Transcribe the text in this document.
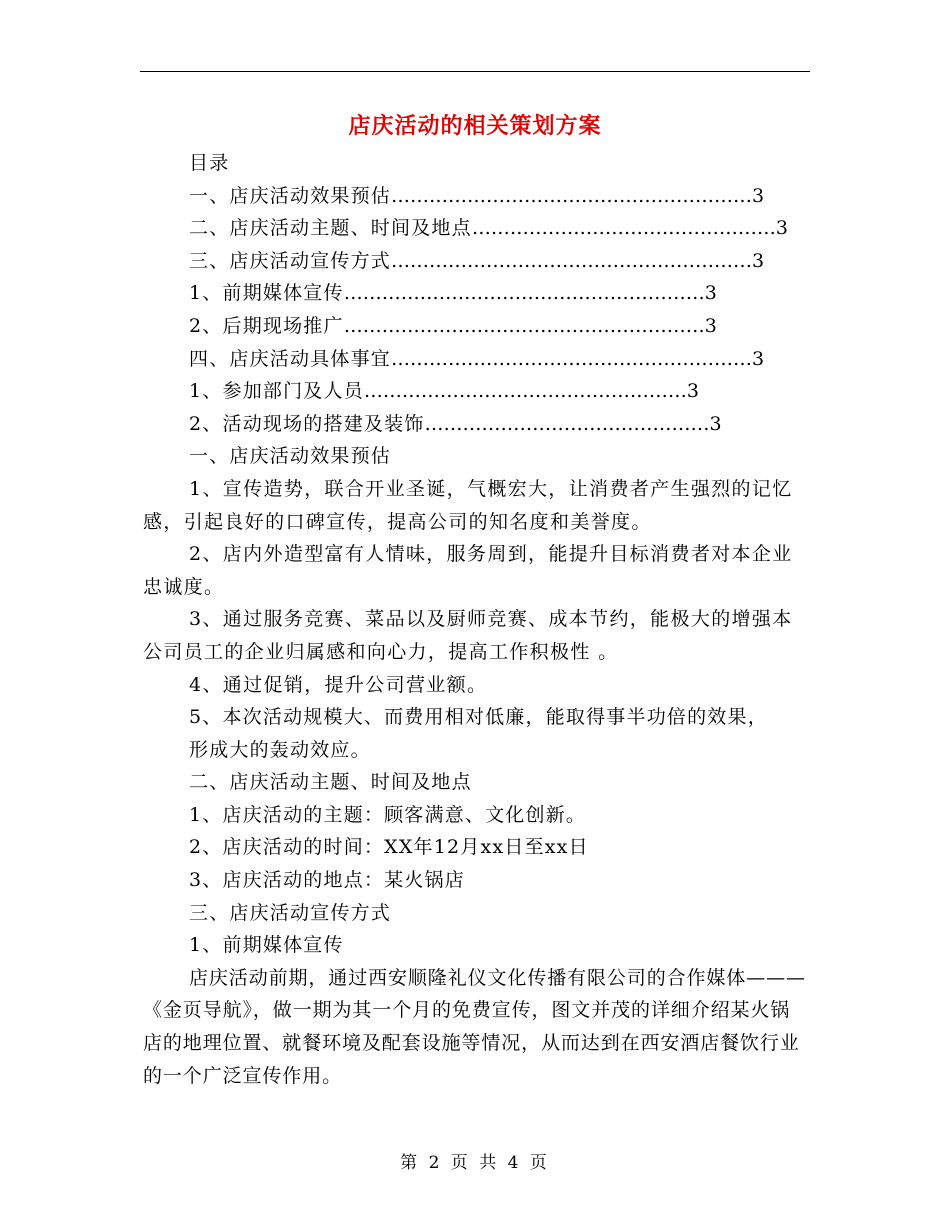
店庆活动的相关策划方案
目录
一、店庆活动效果预估 ………………………………………………… 3
二、店庆活动主题、时间及地点 ………………………………………… 3
三、店庆活动宣传方式 ………………………………………………… 3
1、前期媒体宣传 ………………………………………………… 3
2、后期现场推广 ………………………………………………… 3
四、店庆活动具体事宜 ………………………………………………… 3
1、参加部门及人员 …………………………………………… 3
2、活动现场的搭建及装饰 ……………………………………… 3
一、店庆活动效果预估

1、宣传造势，联合开业圣诞，气概宏大，让消费者产生强烈的记忆感，引起良好的口碑宣传，提高公司的知名度和美誉度。

2、店内外造型富有人情味，服务周到，能提升目标消费者对本企业 忠诚度。

3、通过服务竞赛、菜品以及厨师竞赛、成本节约，能极大的增强本公司员工的企业归属感和向心力，提高工作积极性 。

4、通过促销，提升公司营业额。

5、本次活动规模大、而费用相对低廉，能取得事半功倍的效果，
形成大的轰动效应。
二、店庆活动主题、时间及地点
1、店庆活动的主题：顾客满意、文化创新。
2、店庆活动的时间：XX年12月xx日至xx日
3、店庆活动的地点：某火锅店
三、店庆活动宣传方式
1、前期媒体宣传

店庆活动前期，通过西安顺隆礼仪文化传播有限公司的合作媒体———《金页导航》，做一期为其一个月的免费宣传，图文并茂的详细介绍某火锅店的地理位置、就餐环境及配套设施等情况，从而达到在西安酒店餐饮行业的一个广泛宣传作用。

第 2 页 共 4 页
